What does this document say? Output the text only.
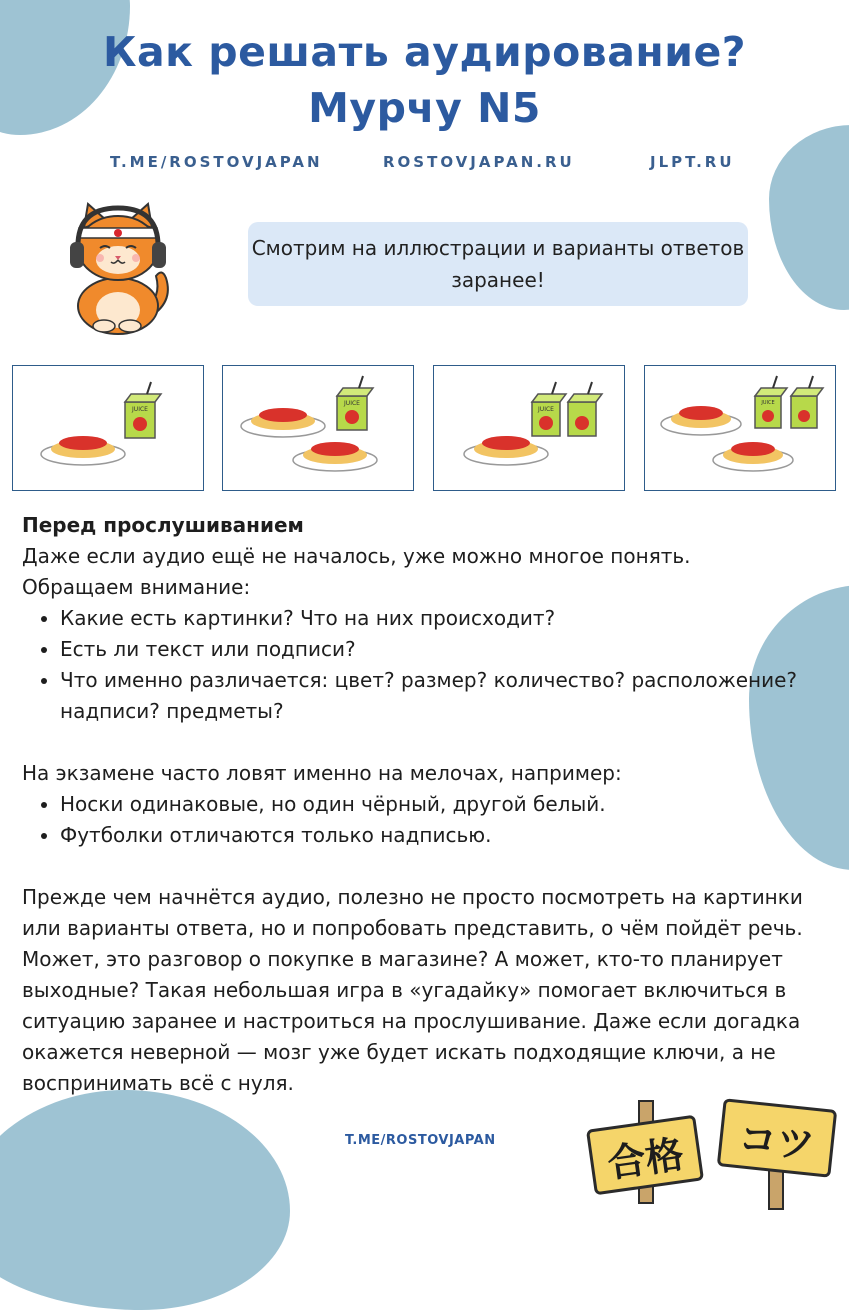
Как решать аудирование?
Мурчу N5
T.ME/ROSTOVJAPAN	ROSTOVJAPAN.RU	JLPT.RU
Смотрим на иллюстрации и варианты ответов заранее!
JUICE
JUICE
JUICE
JUICE

Перед прослушиванием

Даже если аудио ещё не началось, уже можно многое понять.

Обращаем внимание:

• Какие есть картинки? Что на них происходит?
• Есть ли текст или подписи?
• Что именно различается: цвет? размер? количество? расположение? надписи? предметы?

На экзамене часто ловят именно на мелочах, например:

• Носки одинаковые, но один чёрный, другой белый.
• Футболки отличаются только надписью.

Прежде чем начнётся аудио, полезно не просто посмотреть на картинки или варианты ответа, но и попробовать представить, о чём пойдёт речь. Может, это разговор о покупке в магазине? А может, кто-то планирует выходные? Такая небольшая игра в «угадайку» помогает включиться в ситуацию заранее и настроиться на прослушивание. Даже если догадка окажется неверной — мозг уже будет искать подходящие ключи, а не воспринимать всё с нуля.

T.ME/ROSTOVJAPAN	合格	コツ
